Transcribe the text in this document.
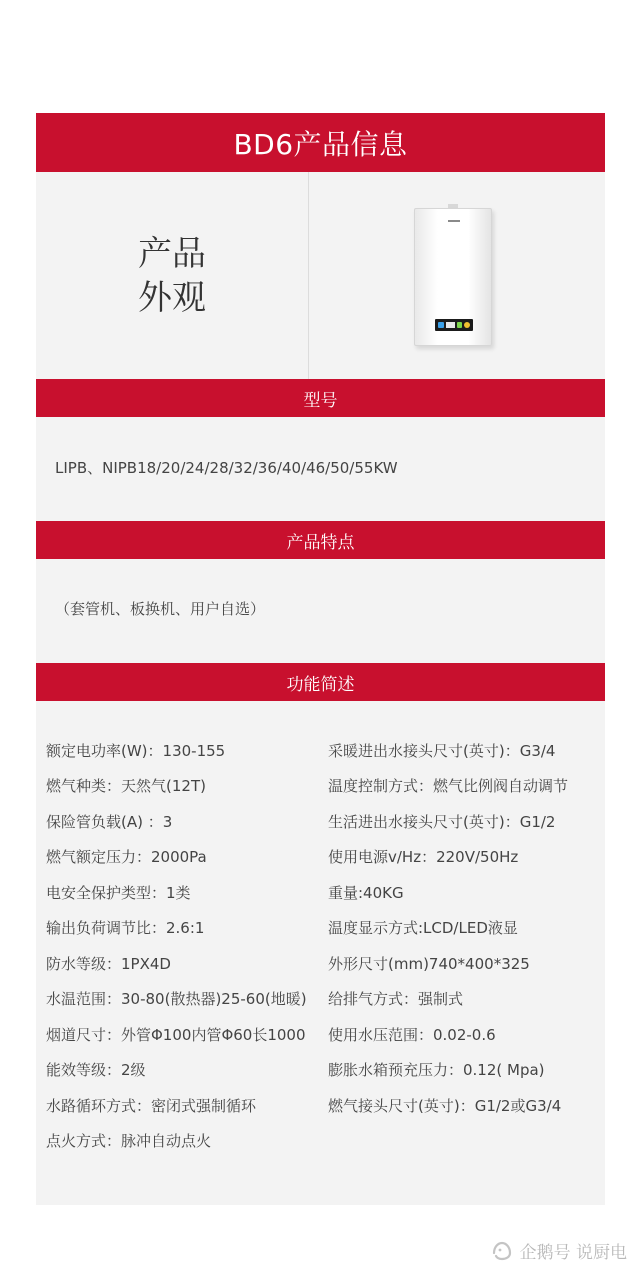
BD6产品信息
产品
外观
型号
LIPB、NIPB18/20/24/28/32/36/40/46/50/55KW
产品特点
（套管机、板换机、用户自选）
功能简述
额定电功率(W)：130-155
燃气种类：天然气(12T)
保险管负载(A) ：3
燃气额定压力：2000Pa
电安全保护类型：1类
输出负荷调节比：2.6:1
防水等级：1PX4D
水温范围：30-80(散热器)25-60(地暖)
烟道尺寸：外管Φ100内管Φ60长1000
能效等级：2级
水路循环方式：密闭式强制循环
点火方式：脉冲自动点火
采暖进出水接头尺寸(英寸)：G3/4
温度控制方式：燃气比例阀自动调节
生活进出水接头尺寸(英寸)：G1/2
使用电源v/Hz：220V/50Hz
重量:40KG
温度显示方式:LCD/LED液显
外形尺寸(mm)740*400*325
给排气方式：强制式
使用水压范围：0.02-0.6
膨胀水箱预充压力：0.12( Mpa)
燃气接头尺寸(英寸)：G1/2或G3/4
企鹅号 说厨电
